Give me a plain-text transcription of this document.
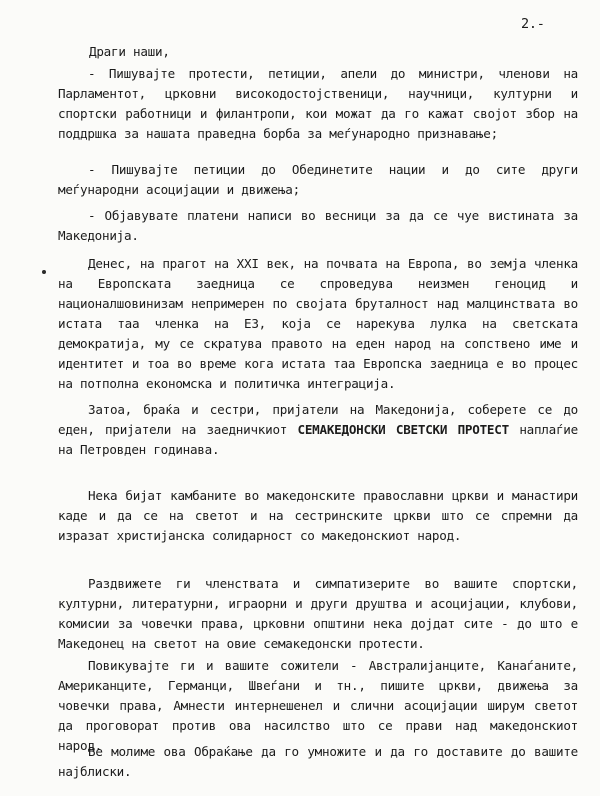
2.-
Драги наши,

- Пишувајте протести, петиции, апели до министри, членови на Парламентот, црковни високодостојственици, научници, културни и спортски работници и филантропи, кои можат да го кажат својот збор на поддршка за нашата праведна борба за меѓународно признавање;

- Пишувајте петиции до Обединетите нации и до сите други меѓународни асоцијации и движења;

- Објавувате платени написи во весници за да се чуе вистината за Македонија.

Денес, на прагот на XXI век, на почвата на Европа, во земја членка на Европската заедница се спроведува неизмен геноцид и националшовинизам непримерен по својата бруталност над малцинствата во истата таа членка на ЕЗ, која се нарекува лулка на светската демократија, му се скратува правото на еден народ на сопствено име и идентитет и тоа во време кога истата таа Европска заедница е во процес на потполна економска и политичка интеграција.

Затоа, браќа и сестри, пријатели на Македонија, соберете се до еден, пријатели на заедничкиот СЕМАКЕДОНСКИ СВЕТСКИ ПРОТЕСТ наплаѓие на Петровден годинава.

Нека бијат камбаните во македонските православни цркви и манастири каде и да се на светот и на сестринските цркви што се спремни да изразат христијанска солидарност со македонскиот народ.

Раздвижете ги членствата и симпатизерите во вашите спортски, културни, литературни, играорни и други друштва и асоцијации, клубови, комисии за човечки права, црковни општини нека дојдат сите - до што е Македонец на светот на овие семакедонски протести.

Повикувајте ги и вашите сожители - Австралијанците, Канаѓаните, Американците, Германци, Швеѓани и тн., пишите цркви, движења за човечки права, Амнести интернешенел и слични асоцијации ширум светот да проговорат против ова насилство што се прави над македонскиот народ.

Ве молиме ова Обраќање да го умножите и да го доставите до вашите најблиски.
